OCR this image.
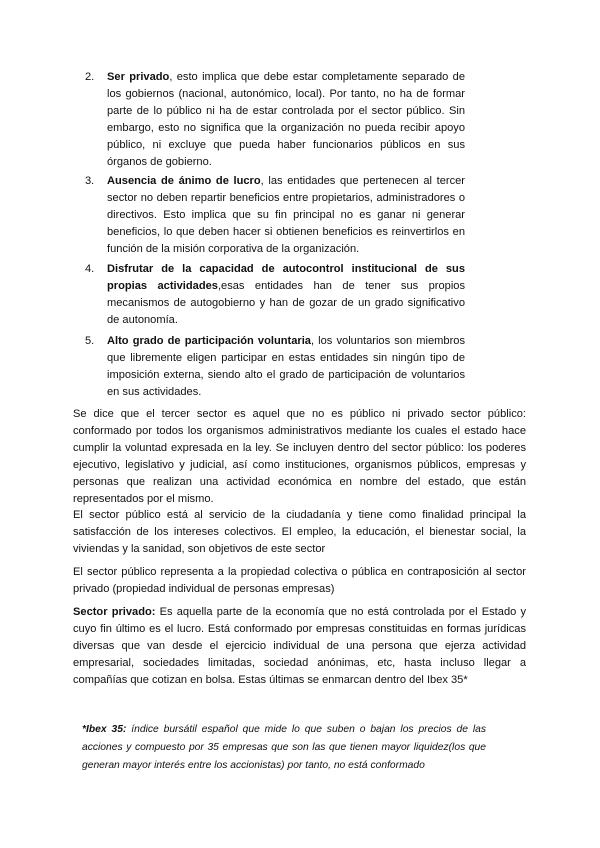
2. Ser privado, esto implica que debe estar completamente separado de los gobiernos (nacional, autonómico, local). Por tanto, no ha de formar parte de lo público ni ha de estar controlada por el sector público. Sin embargo, esto no significa que la organización no pueda recibir apoyo público, ni excluye que pueda haber funcionarios públicos en sus órganos de gobierno.
3. Ausencia de ánimo de lucro, las entidades que pertenecen al tercer sector no deben repartir beneficios entre propietarios, administradores o directivos. Esto implica que su fin principal no es ganar ni generar beneficios, lo que deben hacer si obtienen beneficios es reinvertirlos en función de la misión corporativa de la organización.
4. Disfrutar de la capacidad de autocontrol institucional de sus propias actividades,esas entidades han de tener sus propios mecanismos de autogobierno y han de gozar de un grado significativo de autonomía.
5. Alto grado de participación voluntaria, los voluntarios son miembros que libremente eligen participar en estas entidades sin ningún tipo de imposición externa, siendo alto el grado de participación de voluntarios en sus actividades.

Se dice que el tercer sector es aquel que no es público ni privado sector público: conformado por todos los organismos administrativos mediante los cuales el estado hace cumplir la voluntad expresada en la ley. Se incluyen dentro del sector público: los poderes ejecutivo, legislativo y judicial, así como instituciones, organismos públicos, empresas y personas que realizan una actividad económica en nombre del estado, que están representados por el mismo.

El sector público está al servicio de la ciudadanía y tiene como finalidad principal la satisfacción de los intereses colectivos. El empleo, la educación, el bienestar social, la viviendas y la sanidad, son objetivos de este sector

El sector público representa a la propiedad colectiva o pública en contraposición al sector privado (propiedad individual de personas empresas)

Sector privado: Es aquella parte de la economía que no está controlada por el Estado y cuyo fin último es el lucro. Está conformado por empresas constituidas en formas jurídicas diversas que van desde el ejercicio individual de una persona que ejerza actividad empresarial, sociedades limitadas, sociedad anónimas, etc, hasta incluso llegar a compañías que cotizan en bolsa. Estas últimas se enmarcan dentro del Ibex 35*

*Ibex 35: índice bursátil español que mide lo que suben o bajan los precios de las acciones y compuesto por 35 empresas que son las que tienen mayor liquidez(los que generan mayor interés entre los accionistas) por tanto, no está conformado
